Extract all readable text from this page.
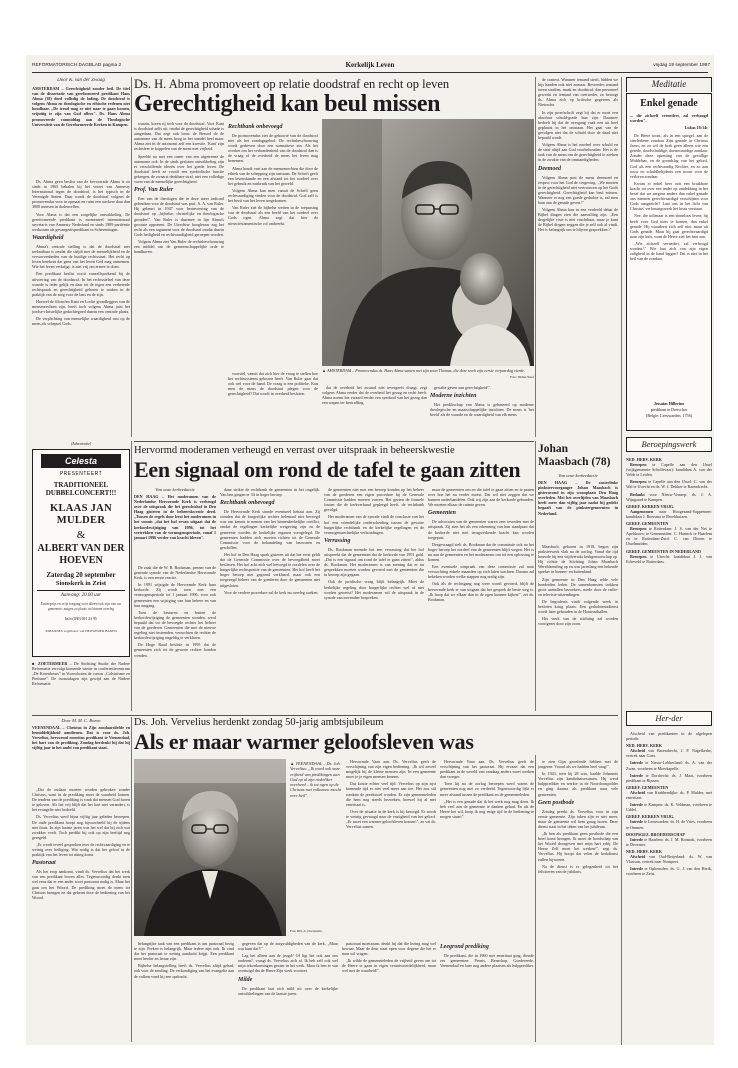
REFORMATORISCH DAGBLAD pagina 2	Kerkelijk Leven	vrijdag 19 september 1997
Door K. van der Zwaag
AMSTERDAM – Gerechtigheid zonder heil. De titel van de dissertatie van gereformeerd predikant Hans Abma (38) deed volledig de lading. De doodstraf is volgens Abma en theologische en ethische redenen niet houdbaar. „De trend mag er niet naar te gaan komen, vrijuitig te zijn van God aflees". Ds. Hans Abma promoveerde vanmiddag aan de Theologische Universiteit van de Gereformeerde Kerken in Kampen.
Ds. H. Abma promoveert op relatie doodstraf en recht op leven
Gerechtigheid kan beul missen

Ds. Abma geen beslist van de bevoorrade Abma is zo sinds in 1965 behalen bij het verzet van Amnesty International tegen de doodstraf, is het typisch in de Verenigde Staten. Daar wordt de doodstraf volgens de promovendus voor in opmaat en ruim een sterkere daar dan 3000 mensen in dodencellen.

Voor Abma is dat een zorgelijke ontwikkeling. De gereformeerde predikant is momenteel internationaal secretaris van Amnesty Nederland en sinds 1989 partiëntie werkzaam als gevangenispredikant in Scheveningen.

Waardigheid

Abma's centrale stelling is dat de doodstraf niet toelaatbaar is omdat die strijdt met de menselijkheid en de verworvenheden van de huidige rechtsstaat. Het recht op leven betekent dat geen van het leven God mag ontnemen. Wie het leven verkrijgt, is niet vrij om ermee te doen.

Een predikant beslist nooit vanzelfsprekend bij de uitvoering van de doodstraf. In het rechtsstelsel van deze waarde is ieder gelijk en daar tot de tegen een verbeterde rechtspraak en gerechtigheid geboren te maken in de praktijk van de zorg voor de lans en de zijn.

Hoewel de filosofen Kant en Locke grondleggers van de mensenrechten zijn, heeft toch volgens Abma juist het joodse-christelijke gedachtegoed daarin een centrale plaats.

De verplichting van menselijke waardigheid rust op de mens als schepsel Gods.

waarin, koren rij toch voor de doodstraf. Voor Kant is doodstraf zelfs uit, omdat de gerechtigheid schade is aangedaan. Dat zegt ook bron: de Bessod de de autonome van de mens hoog in het standel heel maar. Abma ziet in de autonomi zelf een kwestie. 'Kant' zijn rechtsleer te koppelen van de mens met vrijheid.

Speelde na met een oneer van een afgetreene de autonome ook. In de sinds gesloten ontwikkeling zijn er verschillende ideeën over het goede leven. De doodstraf heeft ze voorál een symbolische functie gekregen, de zwaarst denkbare straf, niet een volledige vorm van de menselijke gerechtigheid.

Prof. Van Ruler

Een van de theologen die in deze meer indicaal gebruiken voor de doodstraf was prof. A. A. van Ruler. Hij gebeurt in 1947 voor herinvoering van de doodstraf op „bijbelse, christelijke en theologische gronden\". Van Ruler is daarmee in lijn Abma's grootste opponent. De Utrechtse hoogleraar zag het recht als een argument voor de doodstraf omdat daarin Gods heiligheid en rechtvaardigheid geroepen worden.

Volgens Abma ziet Van Ruler de rechtsbeschouwing een middel om de gemeenschappelijke orde te handhaven.

Rechtbank onbevoegd

De promovendus ziet de geboorte van de doodstraf niet als het zondagsgebod. De rechtsbeschouwing wordt gedreven door een normatieve zin. Als het overhet om het verbondenheid van de doodstraf dan is de vraag of de overheid de mens het leven mag benemen.

Abma houdt vast aan de mensenrechten die door de ethiek van de schepping zijn ontstaan. De Schrift geeft een levenskunde en een afstand tot het oordeel over het gebruik en misbruik van het geweld.

Volgens Abma kan men vanuit de Schrift geen rechtvaardiging vinden voor de doodstraf. God zelf is het bezit van het leven toegekomen.

Van Ruler ziet de bijbelse wetten in de toepassing van de doodstraf als een beeld van het oordeel over Gods ogen. Abma zegt dat hier de nieuwtestamentische rol ontbreekt.

▲ AMSTERDAM – Promovendus ds. Hans Abma samen met zijn zoon Thomas, die deze week zijn eerste verjaardag vierde.
Foto: Didier Ruef

voorstel, vanuit dat zich hier de vraag te stellen hoe het rechtssysteem gekozen heeft. Van Ruler gaat dat ook wel voor de hand. De vraag is een politieke. Kan men de mens de doodstraf plegen voor de gerechtigheid? Dat wordt in overheid besloten.

dat de overheid het zwaard niet tevergeefs draagt, zegt volgens Abma eerder dat de overheid het gezag en recht heeft. Abma noemt het zwaard eerder een symbool van het gezag dan een wapen ter bestraffing.

gestalte geven aan gerechtigheid\".

Moderne inzichten

Het predikschap van Abma is gebaseerd op moderne theologische en maatschappelijke inzichten. De mens is 'het beeld' als de waarde en de waardigheid van elk mens.

de context. Wanneer iemand sterft, bidden we hijs handen ook niet zomaar. Bevreedes iemand ineen straffen, maak en doodstraf, dan personeel gewerkt en iemand van overtreder, zo betoogt ds. Abma zich op kritische gegevens als Nietzsche.

In zijn proefschrift zegt hij dat er moet een absoluut schuld-grade hun zijn. Daarmee bedoelt hij dat de overgang vaak een uit heel geplaatst in het ontstaan. Het gaat van de gevolgen niet dat de schuld door de daad niet bepaald wordt.

Volgens Abma is het oordeel over schuld en de straf altijd aan God voorbehouden. Het is de taak van de mens om de gerechtigheid te zoeken in de zwakte van de omstandigheden.

Deemoed

Volgens Abma past de mens deemoed en respect voor het God de vergeving. „We moeten in de gerechtigheid niet vertrouwen op het Gods gerechtigheid. Gerechtigheid kan beul missen. Wanneer er nog een goede gedachte is, zal men haar aan de genade geven.\"

Volgens Abma kan in een verdeeld debat de Bijbel dingen zien die aanvulling zijn. „Een dergelijke visie is niet vruchtbaar, maar je kunt de Bijbel dingen zeggen die je zelf ook al vindt. Het is belangrijk om te blijven gesprekken.\"

Meditatie
Enkel genade
... die zichzelf vernedert, zal verhoogd worden".
Lukas 18:14c

De Heere toont, als in een spiegel, aan de sinvlerkene zondaar Zijn genade in Christus Jezus, en zo wil de kerk geen alleen wie een gerede, doodschuldige, doemwaardige zondaar. Zonder deze opzetting van de gevallige Middelaar, en de grondslag van het geloof, God als een rechtvaardig Rechter, en zo aan rouw en schuldbelijdenis een troost voor de verloren zondaar.

Kwam er enkel heer ooit een bruikbare kracht tot over een ander op ontdekking in het besef dat we nergens anders dan enkel genade ons mensen gerechtvaardigd verschijnen voor Gods aangezicht? Laat ons in het licht van Christus' verlossingswerk het kruis verstaan.

Nee, die tollenaar is een sinneloos leven; hij heeft voor God niets te komen, dan enkel genade. Hij waardeert zich zelf niet, maar uit Gods genade. Maar hij gaat gerechtvaardigd naar zijn huis, want de Heere ziet het hart aan.

„Wie zichzelf vernedert, zal verhoogd worden.\" Wie laat zich van zijn eigen zaligheid in de hand leggen? Dat is niet in het heil van de zondaar.

Jessaias Hillerine
predikant te Dreischor
(Belgie: Leeuwarden, 1756)
(Advertentie)
Celesta
PRESENTEERT
TRADITIONEEL DUBBELCONCERT!!!
KLAAS JAN MULDER
&
ALBERT VAN DER HOEVEN
Zaterdag 20 september
Sionskerk in Zeist
Aanvang: 20.00 uur
Entreeprijs en vrije toegang voor alleen ook zijn van uw gemeente, mogen zo plaats tot binnen overleg
Info (030) 691 23 95
JOHANNES vogelbouw van HEIJWEIJER BANEN
■ ZOETERMEER – De Stichting Studie der Nadere Reformatie vervolgt komende winter in conferentiecentrum „De Korenbeurs" in Voorschoten de cursus „Calvinisme en Pietisme". De cursusdagen zijn gewijd aan de Nadere Reformatie.
Hervormd moderamen verheugd en verrast over uitspraak in beheerskwestie
Een signaal om rond de tafel te gaan zitten
Van onze kerkredactie
DEN HAAG – Het moderamen van de Nederlandse Hervormde Kerk is verheugd over de uitspraak die het gerechtshof in Den Haag gisteren in de beheerskwestie deed. „Tussen de regels door leest het moderamen in het vonnis „dat het hof ervan uitgaat dat de kerkordewijziging van 1996, tot het vertrekken van de vermogensperiode, vanaf 1 januari 1996 verder van kracht bleven".

De zaak die de W. B. Bookman, penner van de generale synode van de Nederlandse Hervormde Kerk, is een eerste reactie.

In 1991 wijzigde de Hervormde Kerk haar kerkorde. Zij wordt toen met een vermogensperiode tot 1 januari 1996, voor ook gemeenten een wijziging van hun beheer en van hun omgang.

Toen de besturen en buiten de kerkordewijziging de gemeenten stonden, werd bepaald dat tot de bevoegde rechter het beheer van de goederen. Gemeenten die met de nieuwe regeling niet instemden, verzochten de rechter de kerkordewijziging ongeldig te verklaren.

De Hoge Raad besliste in 1995 dat de gemeenten zich tot de gewone rechter konden wenden.

dane strikte de rechtbank de gemeenten in het ongelijk. Van hen gingen er 34 in hoger beroep.

Rechtbank onbevoegd

De Hervormde Kerk stonde eventueel hebaat aan. Zij stonden dat de burgerlijke rechter helemaal niet bevoegd was om kennis te nemen van het binnenkerkelijke conflict, omdat de regelingen kerkelijke wetgeving zijn en de gemeente worden de kerkelijke organen voorgelegd. De gemeenten hadden zich moeten richten tot de Generale Commissie voor de behandeling van bezwaren en geschillen.

Het hof in Den Haag sprak gisteren uit dat het eerst geldt dat de Generale Commissie over de bevoegdheid moet beslissen. Het hof acht zich wel bevoegd te oordelen over de burgerlijke rechtspositie van de gemeenten. Het hof heeft het hoger beroep niet gegrond verklaard, maar ook een toegezegd beheer van de goederen door de gemeenten niet uitgesloten.

Voor de verdere procedure zal de kerk nu overleg zoeken.

de gemeenten niet met een beroep konden op het beheer van de goederen een eigen procedure bij de Generale Commissie hadden moeten voeren. Het gezien de formele fouten die de kerkverband gepleegd heeft, de rechtbank gevolgd.

Het moderamen van de synode vindt de conclusie van het hof een vriendelijke onderscheiding tussen de gewone burgerlijke rechtbank en de kerkelijke regelingen en de vermogensrechtelijke verhoudingen.

Verrassing

Ds. Bookman noemde het een verrassing dat het hof uitspreekt dat de gemeenten dat de kerkorde van 1991 gold. „Dat is een signaal om rond de tafel te gaan zitten\", aldus ds. Bookman. Het moderamen is van mening dat er nu gesprekken moeten worden gevoerd met de gemeenten die in beroep zijn gegaan.

Ook de juridische vraag blijft belangrijk. Moet de kerkelijke regeling door burgerlijke rechter wel of niet worden getoetst? Het moderamen wil de uitspraak in de synode van november bespreken.

maar de gemeenten om en die tafel te gaan zitten en te praten over hoe het nu verder moest. Dat wil niet zeggen dat we kunnen onderhandelen. Ook wij zijn aan de kerkorde gebonden. We moeten elkaar de ruimte geven.

Gemeenten

De advocaten van de gemeenten waren zeer tevreden met de uitspraak. Zij zien het als een erkenning van hun standpunt dat de kerkorde niet met terugwerkende kracht kan worden toegepast.

Desgevraagd stelt ds. Bookman dat de commissie ook na het hoger beroep het oordeel van de gemeenten blijft wegen. Het is nu aan de gemeenten en het moderamen om tot een oplossing te komen.

Een eventuele uitspraak van deze commissie zal naar verwachting enkele maanden op zich laten wachten. Daarna zal bekeken worden welke stappen nog nodig zijn.

Ook als de rechtsgang nog weer wordt gevoerd, blijft de hervormde kerk er van uitgaan dat het gesprek de beste weg is. „Ik hoop dat we elkaar dan in de ogen kunnen kijken\", zei ds. Bookman.

Johan Maasbach (78)
Van onze kerkredactie
DEN HAAG – De oosterlinke pinkstervoorganger Johan Maasbach is gisteravond in zijn woonplaats Den Haag overleden. Met het overlijden van Maasbach heeft meer dan vijftig jaar nadat hij gedekt begaaft van de pinkstergemeenten in Nederland.

Maasbach, geboren in 1918, begon zijn pinksterwerk vlak na de oorlog. Vanaf die tijd bouwde hij een wijdvertakt kerkgenootschap op. Hij richtte de Stichting Johan Maasbach Wereldzending op en was jarenlang een bekende spreker in binnen- en buitenland.

Zijn gemeente in Den Haag telde vele honderden leden. De samenkomsten trokken grote aantallen bezoekers, mede door de radio- en televisie-uitzendingen.

De begrafenis vindt volgende week in besloten kring plaats. Een gedachtenisdienst wordt later gehouden in de Houtrusthallen.

Het werk van de stichting zal worden voortgezet door zijn zoon.

Beroepingswerk
NED. HERV. KERK

Beroepen te Capelle aan den IJssel (wijkgemeente Schollevaar): kandidaat A. van der Velde te Leiden.

Beroepen te Capelle aan den IJssel: C. van der Wal te Utrecht en ds. W. J. Dekker te Barendrecht.

Bedankt voor Nieuw-Vennep: ds. J. A. Wijngaard te Kampen.

GEREF. KERKEN VRIJG.

Aangenomen naar Hoogezand-Sappemeer: kandidaat J. Boersma te Broekhuizen.

GEREF. GEMEENTEN

Beroepen te Rotterdam: J. S. van der Net te Apeldoorn; te Genemuiden: C. Harinck te Haarlem en te Rotterdam-Zuid: C. van Dieren te IJsselmuiden.

GEREF. GEMEENTEN IN NEDERLAND

Beroepen te Utrecht: kandidaat J. J. van Eckeveld te Rotterdam.

Her-der

Afscheid van predikanten in de afgelopen periode.

NED. HERV. KERK

Afscheid van Barendrecht, J. P. Nagelkerke, vertrek naar Goes.

Intrede te Nieuw-Lekkerland: ds. A. van der Zwan, voorheen te Moerkapelle.

Intrede te Dordrecht: ds. J. Maat, voorheen predikant te Rijssen.

GEREF. GEMEENTEN

Afscheid van Krabbendijke: ds. P. Mulder, met emeritaat.

Intrede te Kampen: ds. K. Veldman, voorheen te Uddel.

GEREF. KERKEN VRIJG.

Intrede te Leeuwarden: ds. H. de Vries, voorheen te Ommen.

DOOPSGEZ. BROEDERSCHAP

Intrede te Haarlem: ds. J. M. Bonsink, voorheen te Deventer.

NED. HERV. KERK

Afscheid van Oud-Beijerland: ds. W. van Vlastuin, vertrek naar Nunspeet.

Intrede te Opheusden: ds. G. J. van den Herik, voorheen te Zeist.

Door M. M. C. Bozon
VEENENDAAL – Christus in Zijn zondaarsliefde en bemiddelijkheid aandienen. Dat is voor ds. Joh. Vervelius, hervormd emeritus predikant te Veenendaal, het hart van de prediking. Zondag herdenkt hij dat hij vijftig jaar in het ambt van predikant staat.

„Dat de oudaan moeten worden gebroken zonder Christus, want in de prediking moet de waarheid komen. De tendens van de prediking is vaak dat mensen God horen te geloven. Als het vrij blijft dat het hart niet verandert, is het evangelie niet bedoeld.

Ds. Vervelius werd bijna vijftig jaar geleden beroepen. De oude predikant hoopt nog bijvoorbeeld bij de tijdens niet thuis. In zijn laatste jaren was het wel dat hij zich wat zwakker voelt. Toch predikt hij ook op zijn leeftijd nog geregeld.

„Er wordt teveel gesproken over de rechtvaardiging en te weinig over heiliging. Wat nodig is dat het geloof in de praktijk van het leven tot uiting komt.

Pastoraat

Als het erop aankomt, vindt ds. Vervelius dat het werk van een predikant boven alles. Tegenwoordig denkt men wel eens dat er een ander soort pastoraat nodig is. Maar het gaat om het Woord. De prediking moet de mens tot Christus brengen en dat gebeurt door de bediening van het Woord.

Ds. Joh. Vervelius herdenkt zondag 50-jarig ambtsjubileum
Als er maar warmer geloofsleven was
▲ VEENENDAAL – Ds. Joh. Vervelius: „Ik word ook onze vrijheid van predikingen aan God op al zijn rinkeliker overheed – ik tot ogen op de Christus met volkomen mocht over heil".
Foto RD, A. Dorrestein

Hervormde Vaan aan. Ds. Vervelius geeft de verschijning van zijn eigen bediening. „Ik wil zoveel mogelijk bij de kleine mensen zijn. In een gemeente moet je je eigen mensen kennen.

Dat kostte echter veel tijd. Vervelius op zijn rijst komende tijd er niet veel meer aan toe. Het zou stil rondom de preekstoel worden. Er zijn gemeenteleden die hem nog steeds bezoeken, hoewel hij al met emeritaat is.

Over de situatie in de kerk is hij bezorgd. Er wordt te weinig gevraagd naar de vastigheid van het geloof. „Er moet een warmer geloofsleven komen\", zo vat ds. Vervelius samen.

Hervormde Vaan aan. Ds. Vervelius geeft de verschijning van het pastoraat. Hij ervaart dat een predikant in de wereld van vandaag anders moet werken dan vroeger.

Toen hij na de oorlog beroepen werd waren de gemeenten nog niet zo verdeeld. Tegenwoordig lijkt er meer afstand tussen de predikant en de gemeenteleden.

„Het is een genade dat ik het werk nog mag doen. Ik heb veel aan de gemeente te danken gehad. En als de Heere het wil, hoop ik nog enige tijd in de bediening te mogen staan\".

belangrijke taak van een predikant is om pastoraal bezig te zijn. Preken is belangrijk. Maar iedere zijn ook. Ik vind dat het pastoraat te weinig aandacht krijgt. Een predikant moet herder en leraar zijn.

Bijbelse belangstelling heeft ds. Vervelius altijd gehad, ook voor de zending. De verkondiging van het evangelie aan de volken vond hij een opdracht.

gegeven dat op de zorgvuldigheden van de kerk. „Maar wat kunt dat?\"

Lag het alleen aan de jeugd? Of ligt het ook aan ons ouderen?, vraagt ds. Vervelius zich af. Ik heb zelf ook wel mijn tekortkomingen gezien in het werk. Maar ik ben er van overtuigd dat de Heere Zijn werk voortzet.

Milde

De predikant laat zich mild uit over de kerkelijke ontwikkelingen van de laatste jaren.

pastoraat moeizaam, denkt hij dat die lezing mag wel bewaar. Maar de deur staat open voor degene die het er naar wil vragen.

„Ik wilde de gemeenteleden de vrijheid geven om tot de Heere te gaan in eigen verantwoordelijkheid, maar wel met de waarheid\".

Leegrond prediking

De predikant, die in 1960 met emeritaat ging, diende zes gemeenten: Pernis, Benschop, Goedereede, Veenendaal en later nog andere plaatsen als hulpprediker.

te zien Gips geoefende hebben met de jongeren. Vooral als we hadden heel vaag\".

In 1943, toen hij 28 was, haalde Johannes Vervelius zijn kandidaatsexamen. Hij werd hulpprediker en werkte in de Noordoostpolder en ging daarna als predikant naar vele gemeenten.

Geen postbode

Zondag preekt ds. Vervelius voor in zijn eerste gemeente. Zijn taken zijn er niet meer, maar de gemeente wil hem graag horen. Deze dienst staat in het teken van het jubileum.

„Ik ben als predikant geen postbode die een brief komt brengen. Ik moet de boodschap van het Woord doorgeven met mijn hart erbij. De Heere Zelf moet het werken\", zegt ds. Vervelius. Hij hoopt dat velen de kerkdienst zullen bijwonen.

Na de dienst is er gelegenheid tot het feliciteren van de jubilaris.
